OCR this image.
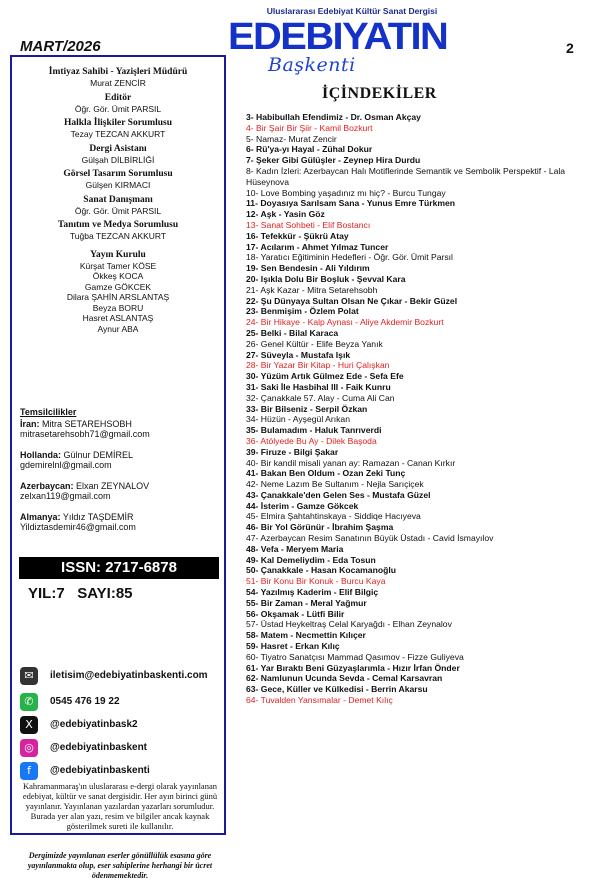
Uluslararası Edebiyat Kültür Sanat Dergisi
EDEBIYATIN
Başkenti
MART/2026	2
İmtiyaz Sahibi - Yazişleri Müdürü
Murat ZENCİR
Editör
Öğr. Gör. Ümit PARSIL
Halkla İlişkiler Sorumlusu
Tezay TEZCAN AKKURT
Dergi Asistanı
Gülşah DİLBİRLİĞİ
Görsel Tasarım Sorumlusu
Gülşen KIRMACI
Sanat Danışmanı
Öğr. Gör. Ümit PARSIL
Tanıtım ve Medya Sorumlusu
Tuğba TEZCAN AKKURT
Yayın Kurulu
Kürşat Tamer KÖSE
Ökkeş KOCA
Gamze GÖKCEK
Dilara ŞAHİN ARSLANTAŞ
Beyza BORU
Hasret ASLANTAŞ
Aynur ABA
Temsilcilikler
İran: Mitra SETAREHSOBH
mitrasetarehsobh71@gmail.com
Hollanda: Gülnur DEMİREL
gdemirelnl@gmail.com
Azerbaycan: Elxan ZEYNALOV
zelxan119@gmail.com
Almanya: Yıldız TAŞDEMİR
Yildiztasdemir46@gmail.com
ISSN: 2717-6878
YIL:7 SAYI:85
✉	iletisim@edebiyatinbaskenti.com
✆	0545 476 19 22
X	@edebiyatinbask2
◎	@edebiyatinbaskent
f	@edebiyatinbaskenti
Kahramanmaraş'ın uluslararası e-dergi olarak yayınlanan edebiyat, kültür ve sanat dergisidir. Her ayın birinci günü yayınlanır. Yayınlanan yazılardan yazarları sorumludur. Burada yer alan yazı, resim ve bilgiler ancak kaynak gösterilmek sureti ile kullanılır.
Dergimizde yayınlanan eserler gönüllülük esasına göre yayınlanmakta olup, eser sahiplerine herhangi bir ücret ödenmemektedir.
İÇİNDEKİLER
3- Habibullah Efendimiz - Dr. Osman Akçay
4- Bir Şair Bir Şiir - Kamil Bozkurt
5- Namaz- Murat Zencir
6- Rü'ya-yı Hayal - Zühal Dokur
7- Şeker Gibi Gülüşler - Zeynep Hira Durdu
8- Kadın İzleri: Azerbaycan Halı Motiflerinde Semantik ve Sembolik Perspektif - Lala Hüseynova
10- Love Bombing yaşadınız mı hiç? - Burcu Tungay
11- Doyasıya Sarılsam Sana - Yunus Emre Türkmen
12- Aşk - Yasin Göz
13- Sanat Sohbeti - Elif Bostancı
16- Tefekkür - Şükrü Atay
17- Acılarım - Ahmet Yılmaz Tuncer
18- Yaratıcı Eğitiminin Hedefleri - Öğr. Gör. Ümit Parsıl
19- Sen Bendesin - Ali Yıldırım
20- Işıkla Dolu Bir Boşluk - Şevval Kara
21- Aşk Kazar - Mitra Setarehsobh
22- Şu Dünyaya Sultan Olsan Ne Çıkar - Bekir Güzel
23- Benmişim - Özlem Polat
24- Bir Hikaye - Kalp Aynası - Aliye Akdemir Bozkurt
25- Belki - Bilal Karaca
26- Genel Kültür - Elife Beyza Yanık
27- Süveyla - Mustafa Işık
28- Bir Yazar Bir Kitap - Huri Çalışkan
30- Yüzüm Artık Gülmez Ede - Sefa Efe
31- Saki İle Hasbihal III - Faik Kunru
32- Çanakkale 57. Alay - Cuma Ali Can
33- Bir Bilseniz - Serpil Özkan
34- Hüzün - Ayşegül Arıkan
35- Bulamadım - Haluk Tanrıverdi
36- Atölyede Bu Ay - Dilek Başoda
39- Firuze - Bilgi Şakar
40- Bir kandil misali yanan ay: Ramazan - Canan Kırkır
41- Bakan Ben Oldum - Ozan Zeki Tunç
42- Neme Lazım Be Sultanım - Nejla Sarıçiçek
43- Çanakkale'den Gelen Ses - Mustafa Güzel
44- İsterim - Gamze Gökcek
45- Elmira Şahtahtinskaya - Siddiqe Hacıyeva
46- Bir Yol Görünür - İbrahim Şaşma
47- Azerbaycan Resim Sanatının Büyük Üstadı - Cavid İsmayılov
48- Vefa - Meryem Maria
49- Kal Demeliydim - Eda Tosun
50- Çanakkale - Hasan Kocamanoğlu
51- Bir Konu Bir Konuk - Burcu Kaya
54- Yazılmış Kaderim - Elif Bilgiç
55- Bir Zaman - Meral Yağmur
56- Okşamak - Lütfi Bilir
57- Üstad Heykeltraş Celal Karyağdı - Elhan Zeynalov
58- Matem - Necmettin Kılıçer
59- Hasret - Erkan Kılıç
60- Tiyatro Sanatçısı Mammad Qasımov - Fizze Guliyeva
61- Yar Bıraktı Beni Güzyaşlarımla - Hızır İrfan Önder
62- Namlunun Ucunda Sevda - Cemal Karsavran
63- Gece, Küller ve Külkedisi - Berrin Akarsu
64- Tuvalden Yansımalar - Demet Kılıç
